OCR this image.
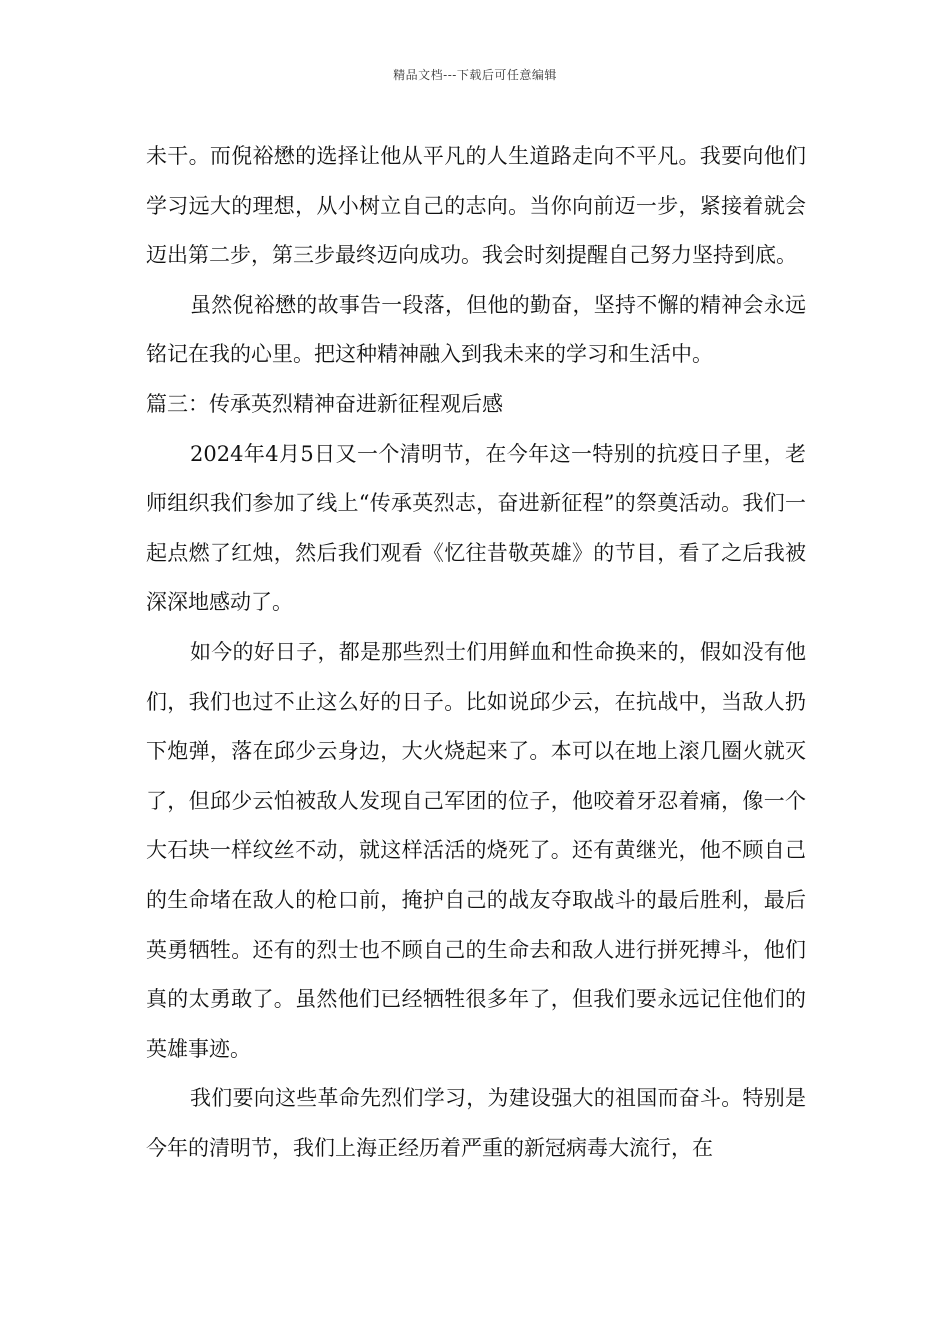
精品文档---下载后可任意编辑

未干。而倪裕懋的选择让他从平凡的人生道路走向不平凡。我要向他们学习远大的理想，从小树立自己的志向。当你向前迈一步，紧接着就会迈出第二步，第三步最终迈向成功。我会时刻提醒自己努力坚持到底。

虽然倪裕懋的故事告一段落，但他的勤奋，坚持不懈的精神会永远铭记在我的心里。把这种精神融入到我未来的学习和生活中。

篇三：传承英烈精神奋进新征程观后感

2024年4月5日又一个清明节，在今年这一特别的抗疫日子里，老师组织我们参加了线上“传承英烈志，奋进新征程”的祭奠活动。我们一起点燃了红烛，然后我们观看《忆往昔敬英雄》的节目，看了之后我被深深地感动了。

如今的好日子，都是那些烈士们用鲜血和性命换来的，假如没有他们，我们也过不止这么好的日子。比如说邱少云，在抗战中，当敌人扔下炮弹，落在邱少云身边，大火烧起来了。本可以在地上滚几圈火就灭了，但邱少云怕被敌人发现自己军团的位子，他咬着牙忍着痛，像一个大石块一样纹丝不动，就这样活活的烧死了。还有黄继光，他不顾自己的生命堵在敌人的枪口前，掩护自己的战友夺取战斗的最后胜利，最后英勇牺牲。还有的烈士也不顾自己的生命去和敌人进行拼死搏斗，他们真的太勇敢了。虽然他们已经牺牲很多年了，但我们要永远记住他们的英雄事迹。

我们要向这些革命先烈们学习，为建设强大的祖国而奋斗。特别是今年的清明节，我们上海正经历着严重的新冠病毒大流行，在
